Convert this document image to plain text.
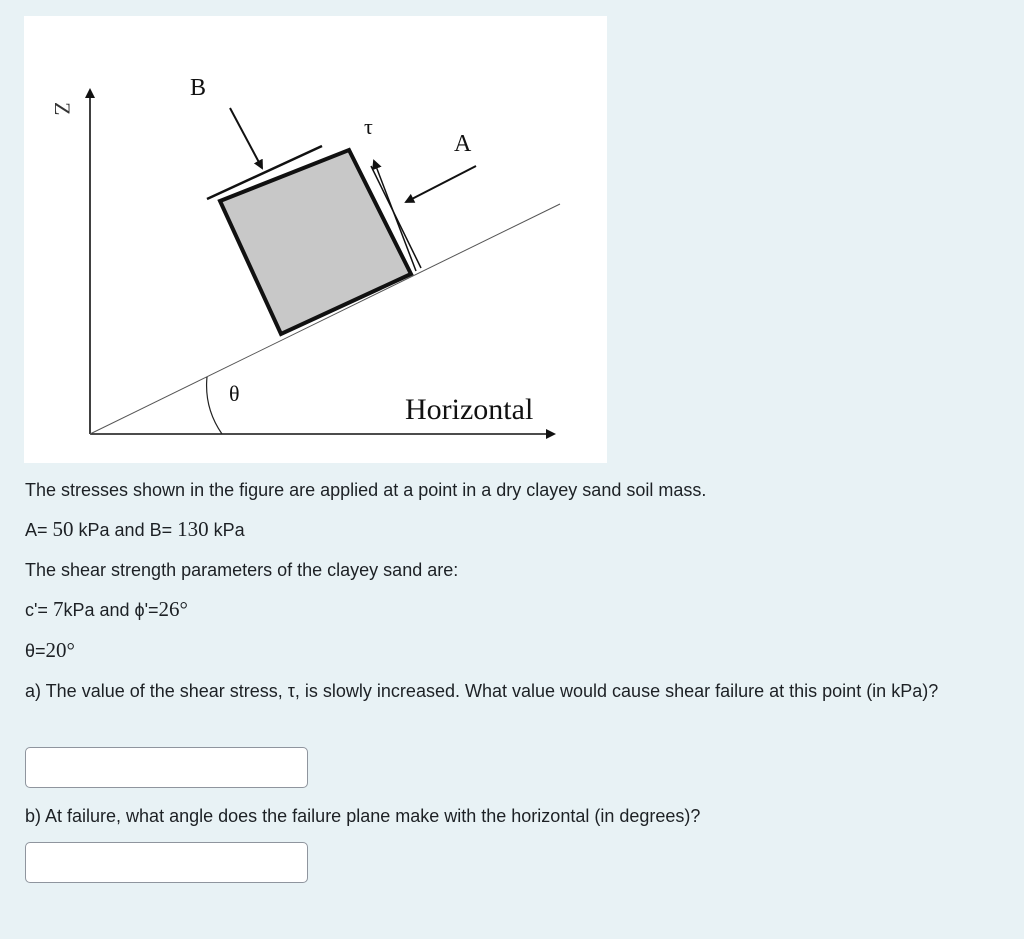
Z
B
τ
A
θ	Horizontal
The stresses shown in the figure are applied at a point in a dry clayey sand soil mass.
A= 50 kPa and B= 130 kPa
The shear strength parameters of the clayey sand are:
c'= 7kPa and ϕ'=26°
θ=20°
a) The value of the shear stress, τ, is slowly increased. What value would cause shear failure at this point (in kPa)?
b) At failure, what angle does the failure plane make with the horizontal (in degrees)?
